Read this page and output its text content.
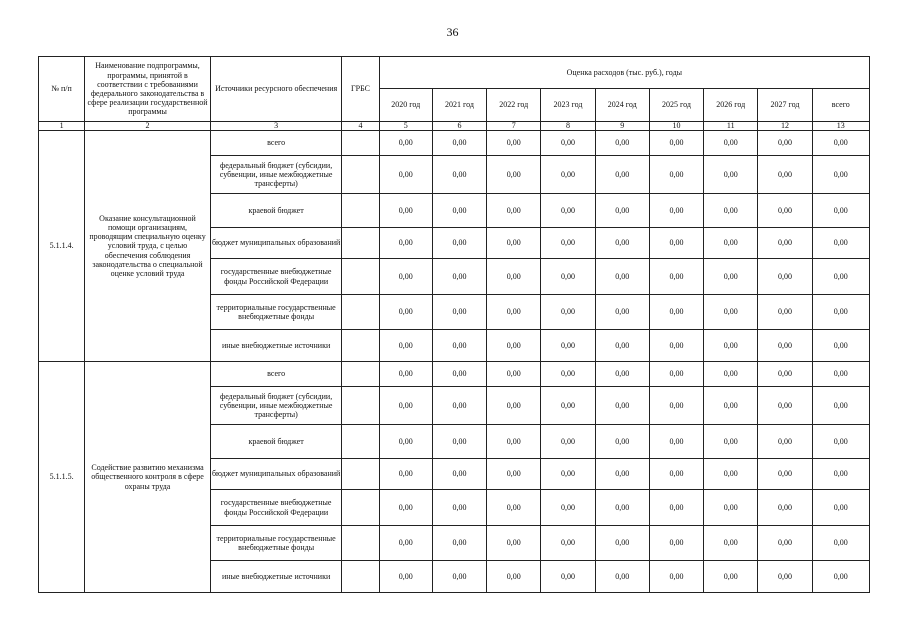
36
№ п/п	Наименование подпрограммы, программы, принятой в соответствии с требованиями федерального законодательства в сфере реализации государственной программы	Источники ресурсного обеспечения	ГРБС	Оценка расходов (тыс. руб.), годы								
				2020 год	2021 год	2022 год	2023 год	2024 год	2025 год	2026 год	2027 год	всего
1	2	3	4	5	6	7	8	9	10	11	12	13
5.1.1.4.	Оказание консультационной помощи организациям, проводящим специальную оценку условий труда, с целью обеспечения соблюдения законодательства о специальной оценке условий труда	всего		0,00	0,00	0,00	0,00	0,00	0,00	0,00	0,00	0,00
		федеральный бюджет (субсидии, субвенции, иные межбюджетные трансферты)		0,00	0,00	0,00	0,00	0,00	0,00	0,00	0,00	0,00
		краевой бюджет		0,00	0,00	0,00	0,00	0,00	0,00	0,00	0,00	0,00
		бюджет муниципальных образований		0,00	0,00	0,00	0,00	0,00	0,00	0,00	0,00	0,00
		государственные внебюджетные фонды Российской Федерации		0,00	0,00	0,00	0,00	0,00	0,00	0,00	0,00	0,00
		территориальные государственные внебюджетные фонды		0,00	0,00	0,00	0,00	0,00	0,00	0,00	0,00	0,00
		иные внебюджетные источники		0,00	0,00	0,00	0,00	0,00	0,00	0,00	0,00	0,00
5.1.1.5.	Содействие развитию механизма общественного контроля в сфере охраны труда	всего		0,00	0,00	0,00	0,00	0,00	0,00	0,00	0,00	0,00
		федеральный бюджет (субсидии, субвенции, иные межбюджетные трансферты)		0,00	0,00	0,00	0,00	0,00	0,00	0,00	0,00	0,00
		краевой бюджет		0,00	0,00	0,00	0,00	0,00	0,00	0,00	0,00	0,00
		бюджет муниципальных образований		0,00	0,00	0,00	0,00	0,00	0,00	0,00	0,00	0,00
		государственные внебюджетные фонды Российской Федерации		0,00	0,00	0,00	0,00	0,00	0,00	0,00	0,00	0,00
		территориальные государственные внебюджетные фонды		0,00	0,00	0,00	0,00	0,00	0,00	0,00	0,00	0,00
		иные внебюджетные источники		0,00	0,00	0,00	0,00	0,00	0,00	0,00	0,00	0,00
